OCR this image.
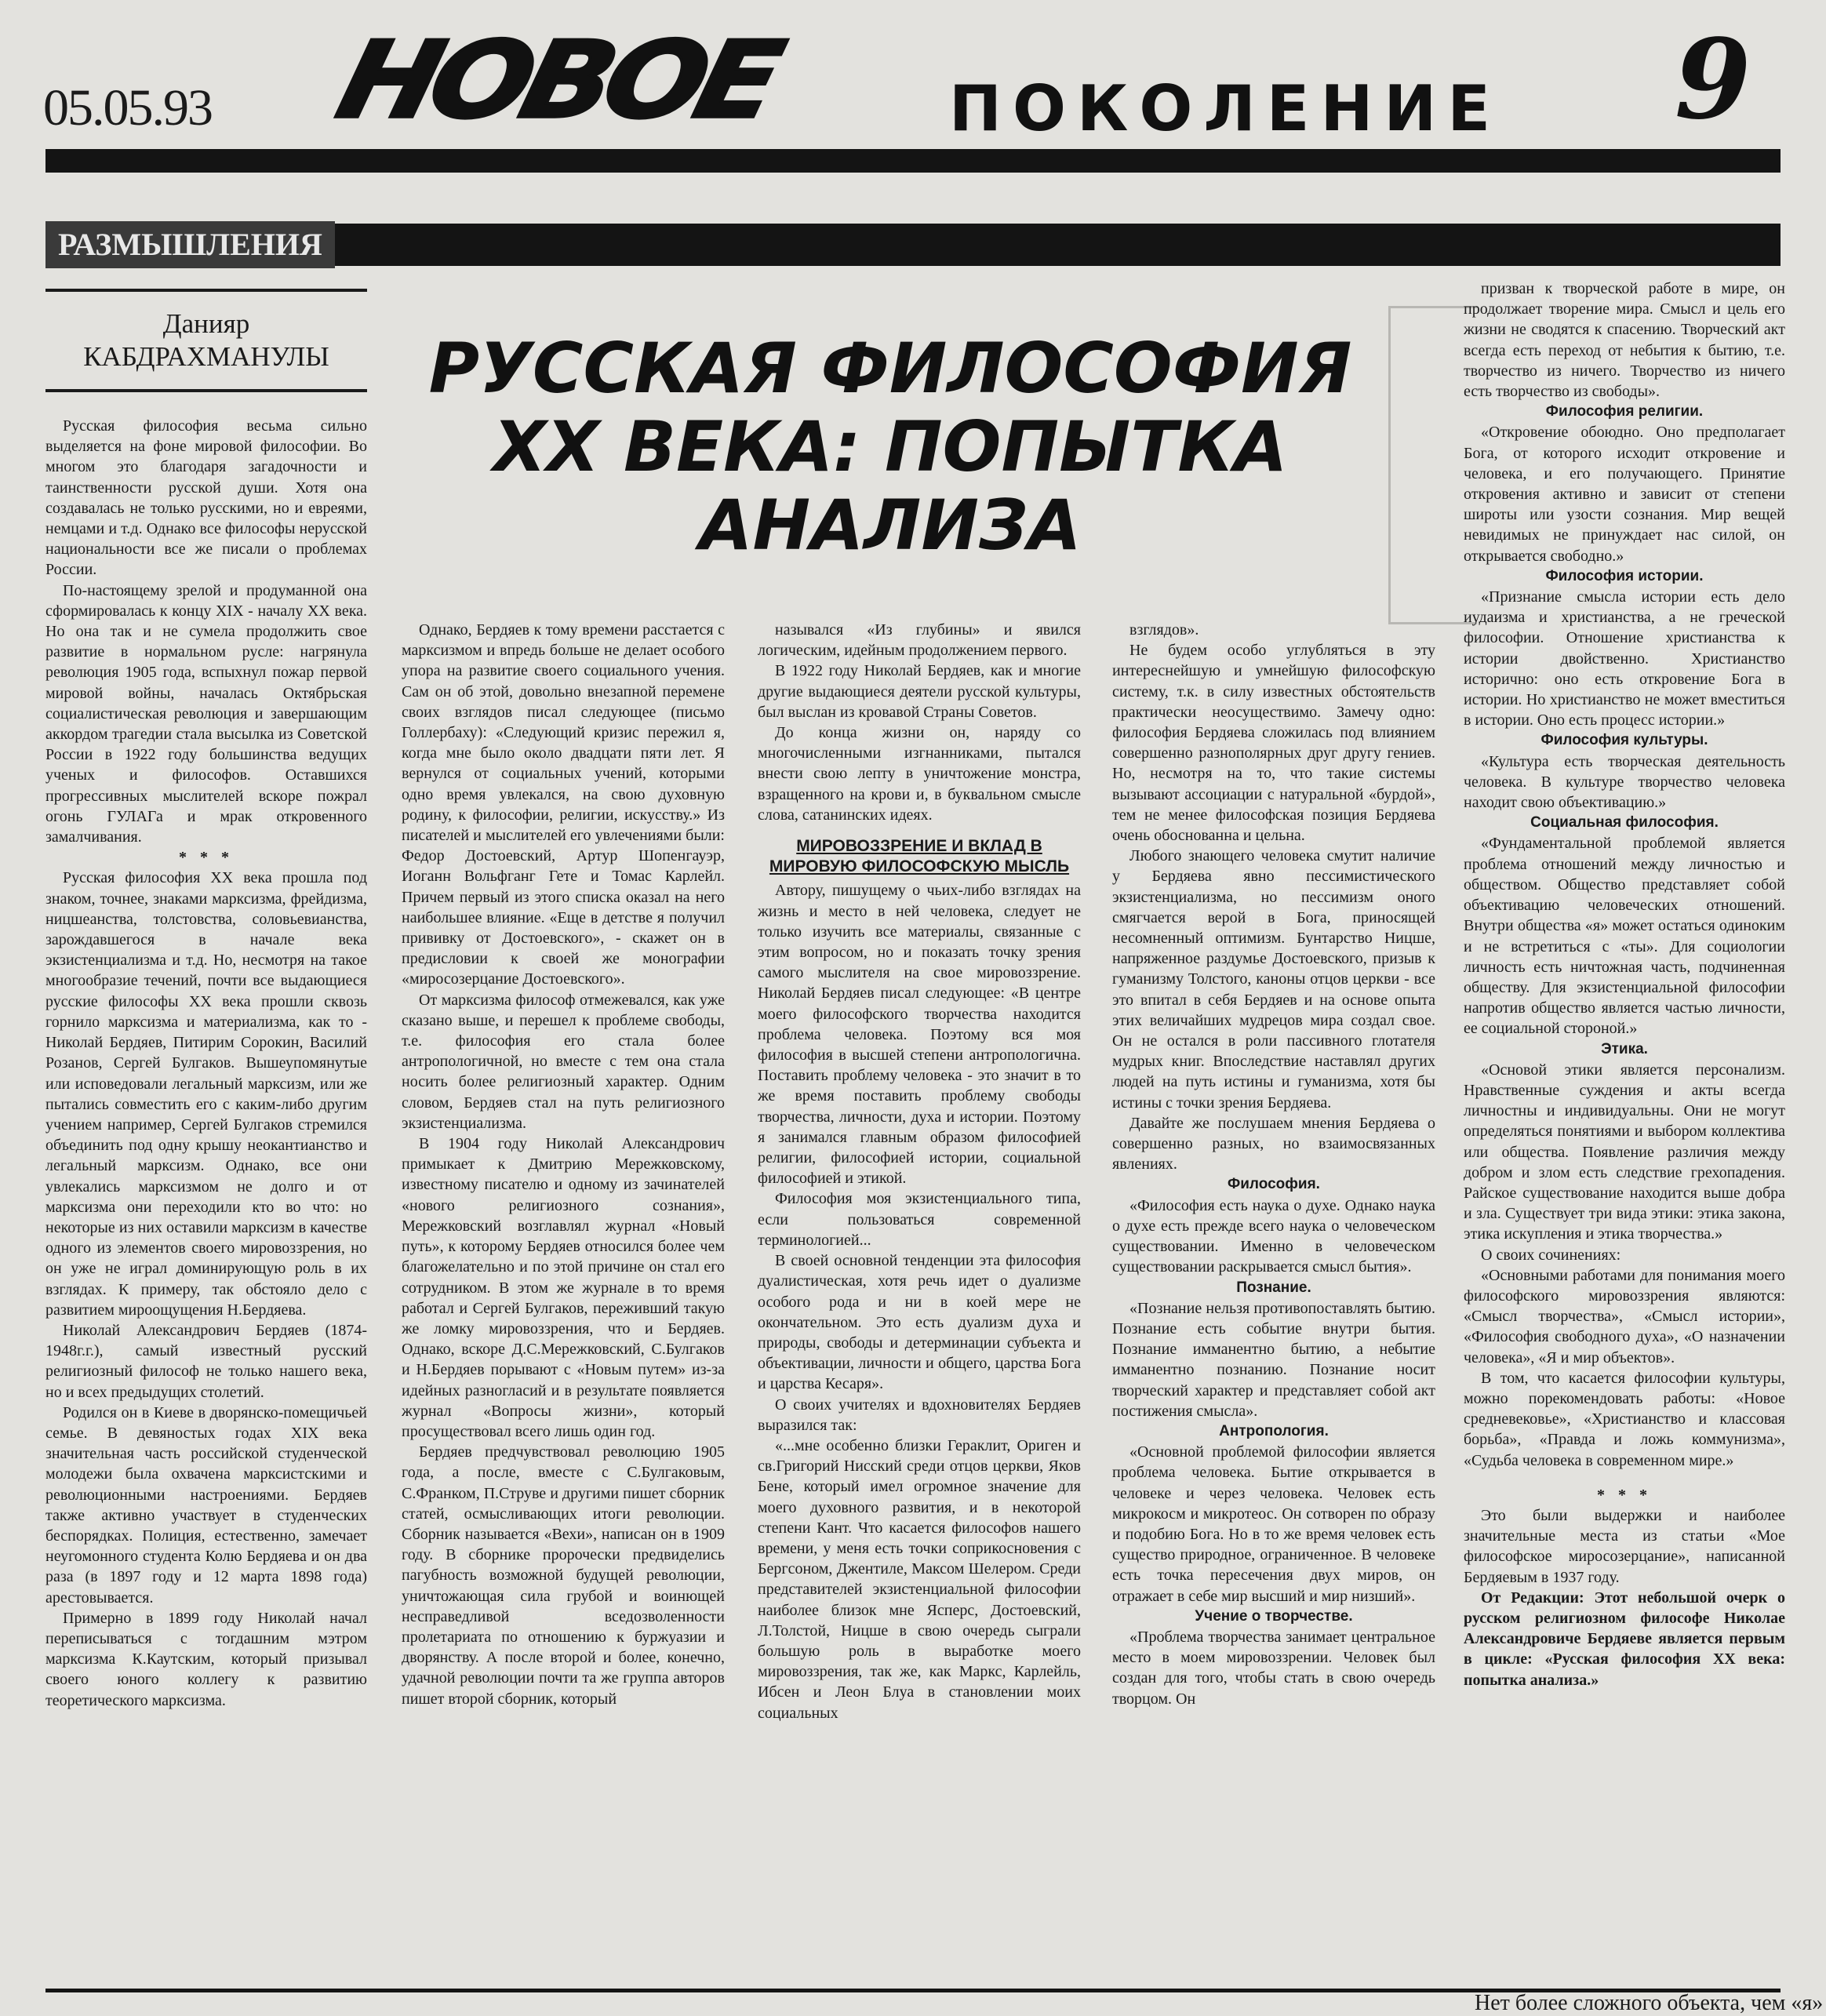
05.05.93 НОВОЕ	ПОКОЛЕНИЕ 9
РАЗМЫШЛЕНИЯ
Данияр
КАБДРАХМАНУЛЫ	РУССКАЯ ФИЛОСОФИЯ XX ВЕКА: ПОПЫТКА АНАЛИЗА

Русская философия весьма сильно выделяется на фоне мировой философии. Во многом это благодаря загадочности и таинственности русской души. Хотя она создавалась не только русскими, но и евреями, немцами и т.д. Однако все философы нерусской национальности все же писали о проблемах России.

По-настоящему зрелой и продуманной она сформировалась к концу XIX - началу XX века. Но она так и не сумела продолжить свое развитие в нормальном русле: нагрянула революция 1905 года, вспыхнул пожар первой мировой войны, началась Октябрьская социалистическая революция и завершающим аккордом трагедии стала высылка из Советской России в 1922 году большинства ведущих ученых и философов. Оставшихся прогрессивных мыслителей вскоре пожрал огонь ГУЛАГа и мрак откровенного замалчивания.

* * *

Русская философия XX века прошла под знаком, точнее, знаками марксизма, фрейдизма, ницшеанства, толстовства, соловьевианства, зарождавшегося в начале века экзистенциализма и т.д. Но, несмотря на такое многообразие течений, почти все выдающиеся русские философы XX века прошли сквозь горнило марксизма и материализма, как то - Николай Бердяев, Питирим Сорокин, Василий Розанов, Сергей Булгаков. Вышеупомянутые или исповедовали легальный марксизм, или же пытались совместить его с каким-либо другим учением например, Сергей Булгаков стремился объединить под одну крышу неокантианство и легальный марксизм. Однако, все они увлекались марксизмом не долго и от марксизма они переходили кто во что: но некоторые из них оставили марксизм в качестве одного из элементов своего мировоззрения, но он уже не играл доминирующую роль в их взглядах. К примеру, так обстояло дело с развитием мироощущения Н.Бердяева.

Николай Александрович Бердяев (1874-1948г.г.), самый известный русский религиозный философ не только нашего века, но и всех предыдущих столетий.

Родился он в Киеве в дворянско-помещичьей семье. В девяностых годах XIX века значительная часть российской студенческой молодежи была охвачена марксистскими и революционными настроениями. Бердяев также активно участвует в студенческих беспорядках. Полиция, естественно, замечает неугомонного студента Колю Бердяева и он два раза (в 1897 году и 12 марта 1898 года) арестовывается.

Примерно в 1899 году Николай начал переписываться с тогдашним мэтром марксизма К.Каутским, который призывал своего юного коллегу к развитию теоретического марксизма.

Однако, Бердяев к тому времени расстается с марксизмом и впредь больше не делает особого упора на развитие своего социального учения. Сам он об этой, довольно внезапной перемене своих взглядов писал следующее (письмо Голлербаху): «Следующий кризис пережил я, когда мне было около двадцати пяти лет. Я вернулся от социальных учений, которыми одно время увлекался, на свою духовную родину, к философии, религии, искусству.» Из писателей и мыслителей его увлечениями были: Федор Достоевский, Артур Шопенгауэр, Иоганн Вольфганг Гете и Томас Карлейл. Причем первый из этого списка оказал на него наибольшее влияние. «Еще в детстве я получил прививку от Достоевского», - скажет он в предисловии к своей же монографии «миросозерцание Достоевского».

От марксизма философ отмежевался, как уже сказано выше, и перешел к проблеме свободы, т.е. философия его стала более антропологичной, но вместе с тем она стала носить более религиозный характер. Одним словом, Бердяев стал на путь религиозного экзистенциализма.

В 1904 году Николай Александрович примыкает к Дмитрию Мережковскому, известному писателю и одному из зачинателей «нового религиозного сознания», Мережковский возглавлял журнал «Новый путь», к которому Бердяев относился более чем благожелательно и по этой причине он стал его сотрудником. В этом же журнале в то время работал и Сергей Булгаков, переживший такую же ломку мировоззрения, что и Бердяев. Однако, вскоре Д.С.Мережковский, С.Булгаков и Н.Бердяев порывают с «Новым путем» из-за идейных разногласий и в результате появляется журнал «Вопросы жизни», который просуществовал всего лишь один год.

Бердяев предчувствовал революцию 1905 года, а после, вместе с С.Булгаковым, С.Франком, П.Струве и другими пишет сборник статей, осмысливающих итоги революции. Сборник называется «Вехи», написан он в 1909 году. В сборнике пророчески предвиделись пагубность возможной будущей революции, уничтожающая сила грубой и воинющей несправедливой вседозволенности пролетариата по отношению к буржуазии и дворянству. А после второй и более, конечно, удачной революции почти та же группа авторов пишет второй сборник, который

назывался «Из глубины» и явился логическим, идейным продолжением первого.

В 1922 году Николай Бердяев, как и многие другие выдающиеся деятели русской культуры, был выслан из кровавой Страны Советов.

До конца жизни он, наряду со многочисленными изгнанниками, пытался внести свою лепту в уничтожение монстра, взращенного на крови и, в буквальном смысле слова, сатанинских идеях.

МИРОВОЗЗРЕНИЕ И ВКЛАД В МИРОВУЮ ФИЛОСОФСКУЮ МЫСЛЬ

Автору, пишущему о чьих-либо взглядах на жизнь и место в ней человека, следует не только изучить все материалы, связанные с этим вопросом, но и показать точку зрения самого мыслителя на свое мировоззрение. Николай Бердяев писал следующее: «В центре моего философского творчества находится проблема человека. Поэтому вся моя философия в высшей степени антропологична. Поставить проблему человека - это значит в то же время поставить проблему свободы творчества, личности, духа и истории. Поэтому я занимался главным образом философией религии, философией истории, социальной философией и этикой.

Философия моя экзистенциального типа, если пользоваться современной терминологией...

В своей основной тенденции эта философия дуалистическая, хотя речь идет о дуализме особого рода и ни в коей мере не окончательном. Это есть дуализм духа и природы, свободы и детерминации субъекта и объективации, личности и общего, царства Бога и царства Кесаря».

О своих учителях и вдохновителях Бердяев выразился так:

«...мне особенно близки Гераклит, Ориген и св.Григорий Нисский среди отцов церкви, Яков Бене, который имел огромное значение для моего духовного развития, и в некоторой степени Кант. Что касается философов нашего времени, у меня есть точки соприкосновения с Бергсоном, Джентиле, Максом Шелером. Среди представителей экзистенциальной философии наиболее близок мне Ясперс, Достоевский, Л.Толстой, Ницше в свою очередь сыграли большую роль в выработке моего мировоззрения, так же, как Маркс, Карлейль, Ибсен и Леон Блуа в становлении моих социальных

взглядов».

Не будем особо углубляться в эту интереснейшую и умнейшую философскую систему, т.к. в силу известных обстоятельств практически неосуществимо. Замечу одно: философия Бердяева сложилась под влиянием совершенно разнополярных друг другу гениев. Но, несмотря на то, что такие системы вызывают ассоциации с натуральной «бурдой», тем не менее философская позиция Бердяева очень обоснованна и цельна.

Любого знающего человека смутит наличие у Бердяева явно пессимистического экзистенциализма, но пессимизм оного смягчается верой в Бога, приносящей несомненный оптимизм. Бунтарство Ницше, напряженное раздумье Достоевского, призыв к гуманизму Толстого, каноны отцов церкви - все это впитал в себя Бердяев и на основе опыта этих величайших мудрецов мира создал свое. Он не остался в роли пассивного глотателя мудрых книг. Впоследствие наставлял других людей на путь истины и гуманизма, хотя бы истины с точки зрения Бердяева.

Давайте же послушаем мнения Бердяева о совершенно разных, но взаимосвязанных явлениях.

Философия.

«Философия есть наука о духе. Однако наука о духе есть прежде всего наука о человеческом существовании. Именно в человеческом существовании раскрывается смысл бытия».

Познание.

«Познание нельзя противопоставлять бытию. Познание есть событие внутри бытия. Познание имманентно бытию, а небытие имманентно познанию. Познание носит творческий характер и представляет собой акт постижения смысла».

Антропология.

«Основной проблемой философии является проблема человека. Бытие открывается в человеке и через человека. Человек есть микрокосм и микротеос. Он сотворен по образу и подобию Бога. Но в то же время человек есть существо природное, ограниченное. В человеке есть точка пересечения двух миров, он отражает в себе мир высший и мир низший».

Учение о творчестве.

«Проблема творчества занимает центральное место в моем мировоззрении. Человек был создан для того, чтобы стать в свою очередь творцом. Он

призван к творческой работе в мире, он продолжает творение мира. Смысл и цель его жизни не сводятся к спасению. Творческий акт всегда есть переход от небытия к бытию, т.е. творчество из ничего. Творчество из ничего есть творчество из свободы».

Философия религии.

«Откровение обоюдно. Оно предполагает Бога, от которого исходит откровение и человека, и его получающего. Принятие откровения активно и зависит от степени широты или узости сознания. Мир вещей невидимых не принуждает нас силой, он открывается свободно.»

Философия истории.

«Признание смысла истории есть дело иудаизма и христианства, а не греческой философии. Отношение христианства к истории двойственно. Христианство исторично: оно есть откровение Бога в истории. Но христианство не может вместиться в истории. Оно есть процесс истории.»

Философия культуры.

«Культура есть творческая деятельность человека. В культуре творчество человека находит свою объективацию.»

Социальная философия.

«Фундаментальной проблемой является проблема отношений между личностью и обществом. Общество представляет собой объективацию человеческих отношений. Внутри общества «я» может остаться одиноким и не встретиться с «ты». Для социологии личность есть ничтожная часть, подчиненная обществу. Для экзистенциальной философии напротив общество является частью личности, ее социальной стороной.»

Этика.

«Основой этики является персонализм. Нравственные суждения и акты всегда личностны и индивидуальны. Они не могут определяться понятиями и выбором коллектива или общества. Появление различия между добром и злом есть следствие грехопадения. Райское существование находится выше добра и зла. Существует три вида этики: этика закона, этика искупления и этика творчества.»

О своих сочинениях:

«Основными работами для понимания моего философского мировоззрения являются: «Смысл творчества», «Смысл истории», «Философия свободного духа», «О назначении человека», «Я и мир объектов».

В том, что касается философии культуры, можно порекомендовать работы: «Новое средневековье», «Христианство и классовая борьба», «Правда и ложь коммунизма», «Судьба человека в современном мире.»

* * *

Это были выдержки и наиболее значительные места из статьи «Мое философское миросозерцание», написанной Бердяевым в 1937 году.

От Редакции: Этот небольшой очерк о русском религиозном философе Николае Александровиче Бердяеве является первым в цикле: «Русская философия XX века: попытка анализа.»

Нет более сложного объекта, чем «я»
